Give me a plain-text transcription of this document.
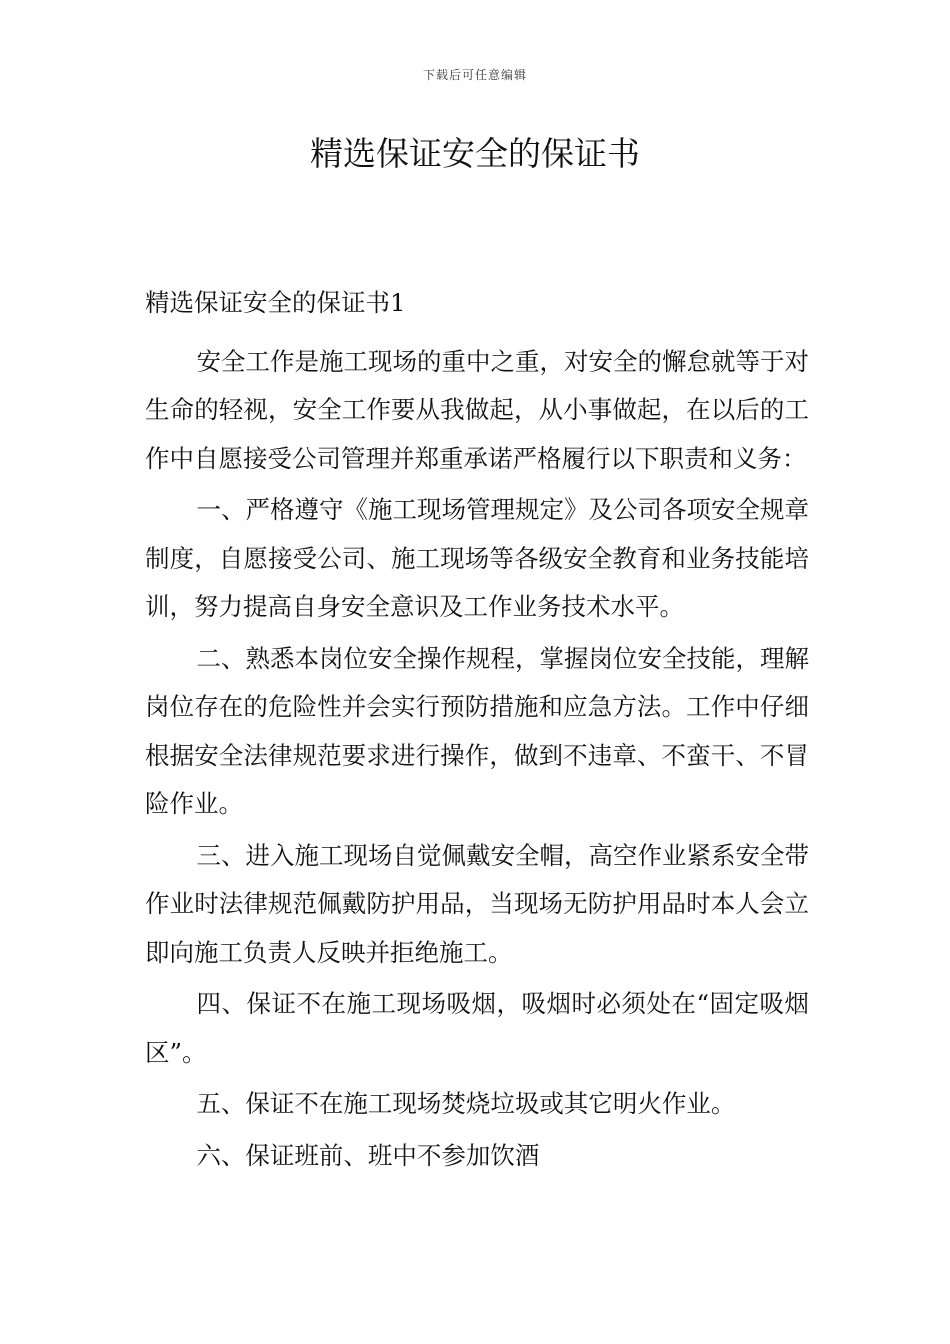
下载后可任意编辑
精选保证安全的保证书

精选保证安全的保证书1

安全工作是施工现场的重中之重，对安全的懈怠就等于对生命的轻视，安全工作要从我做起，从小事做起，在以后的工作中自愿接受公司管理并郑重承诺严格履行以下职责和义务：

一、严格遵守《施工现场管理规定》及公司各项安全规章制度，自愿接受公司、施工现场等各级安全教育和业务技能培训，努力提高自身安全意识及工作业务技术水平。

二、熟悉本岗位安全操作规程，掌握岗位安全技能，理解岗位存在的危险性并会实行预防措施和应急方法。工作中仔细根据安全法律规范要求进行操作，做到不违章、不蛮干、不冒险作业。

三、进入施工现场自觉佩戴安全帽，高空作业紧系安全带作业时法律规范佩戴防护用品，当现场无防护用品时本人会立即向施工负责人反映并拒绝施工。

四、保证不在施工现场吸烟，吸烟时必须处在“固定吸烟区”。

五、保证不在施工现场焚烧垃圾或其它明火作业。

六、保证班前、班中不参加饮酒
